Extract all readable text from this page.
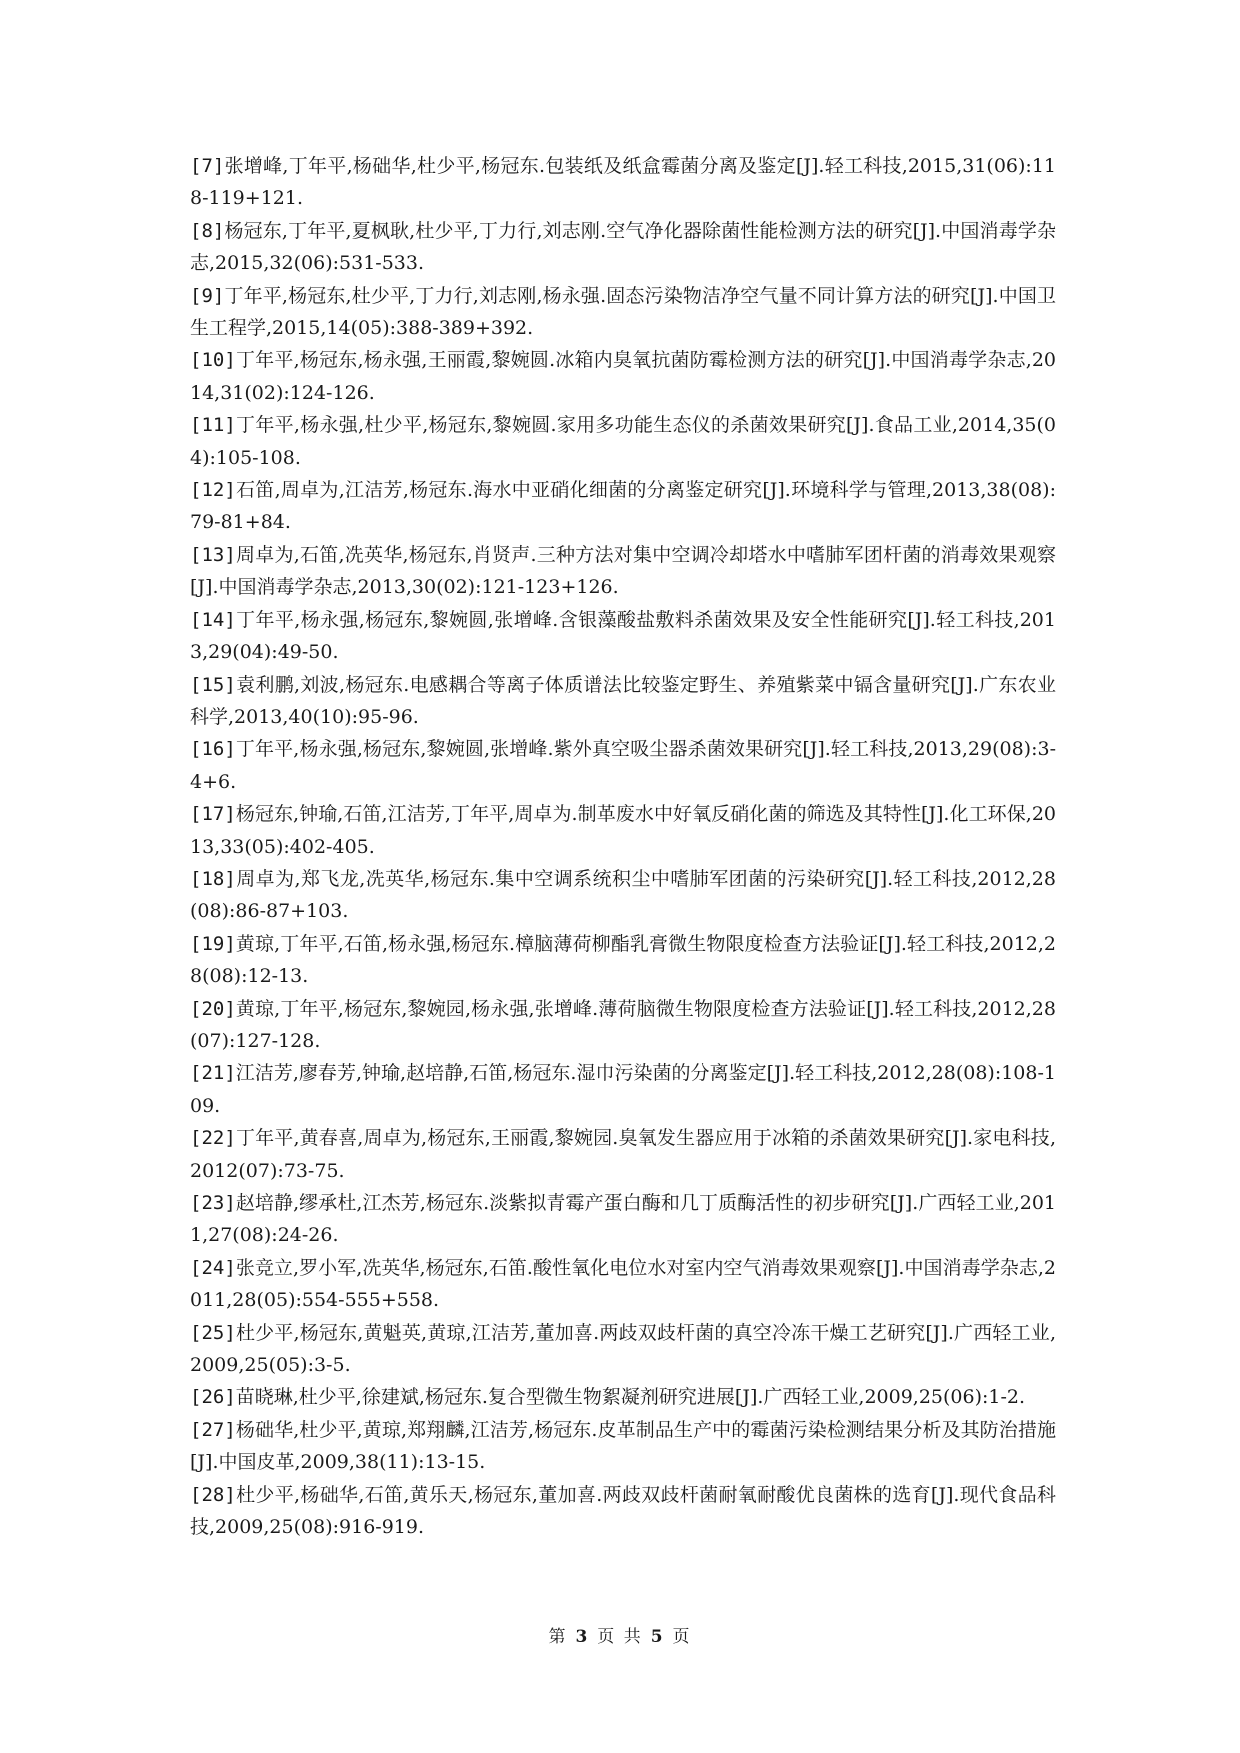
[7]张增峰,丁年平,杨础华,杜少平,杨冠东.包装纸及纸盒霉菌分离及鉴定[J].轻工科技,2015,31(06):118-119+121.
[8]杨冠东,丁年平,夏枫耿,杜少平,丁力行,刘志刚.空气净化器除菌性能检测方法的研究[J].中国消毒学杂志,2015,32(06):531-533.
[9]丁年平,杨冠东,杜少平,丁力行,刘志刚,杨永强.固态污染物洁净空气量不同计算方法的研究[J].中国卫生工程学,2015,14(05):388-389+392.
[10]丁年平,杨冠东,杨永强,王丽霞,黎婉圆.冰箱内臭氧抗菌防霉检测方法的研究[J].中国消毒学杂志,2014,31(02):124-126.
[11]丁年平,杨永强,杜少平,杨冠东,黎婉圆.家用多功能生态仪的杀菌效果研究[J].食品工业,2014,35(04):105-108.
[12]石笛,周卓为,江洁芳,杨冠东.海水中亚硝化细菌的分离鉴定研究[J].环境科学与管理,2013,38(08):79-81+84.
[13]周卓为,石笛,冼英华,杨冠东,肖贤声.三种方法对集中空调冷却塔水中嗜肺军团杆菌的消毒效果观察[J].中国消毒学杂志,2013,30(02):121-123+126.
[14]丁年平,杨永强,杨冠东,黎婉圆,张增峰.含银藻酸盐敷料杀菌效果及安全性能研究[J].轻工科技,2013,29(04):49-50.
[15]袁利鹏,刘波,杨冠东.电感耦合等离子体质谱法比较鉴定野生、养殖紫菜中镉含量研究[J].广东农业科学,2013,40(10):95-96.
[16]丁年平,杨永强,杨冠东,黎婉圆,张增峰.紫外真空吸尘器杀菌效果研究[J].轻工科技,2013,29(08):3-4+6.
[17]杨冠东,钟瑜,石笛,江洁芳,丁年平,周卓为.制革废水中好氧反硝化菌的筛选及其特性[J].化工环保,2013,33(05):402-405.
[18]周卓为,郑飞龙,冼英华,杨冠东.集中空调系统积尘中嗜肺军团菌的污染研究[J].轻工科技,2012,28(08):86-87+103.
[19]黄琼,丁年平,石笛,杨永强,杨冠东.樟脑薄荷柳酯乳膏微生物限度检查方法验证[J].轻工科技,2012,28(08):12-13.
[20]黄琼,丁年平,杨冠东,黎婉园,杨永强,张增峰.薄荷脑微生物限度检查方法验证[J].轻工科技,2012,28(07):127-128.
[21]江洁芳,廖春芳,钟瑜,赵培静,石笛,杨冠东.湿巾污染菌的分离鉴定[J].轻工科技,2012,28(08):108-109.
[22]丁年平,黄春喜,周卓为,杨冠东,王丽霞,黎婉园.臭氧发生器应用于冰箱的杀菌效果研究[J].家电科技,2012(07):73-75.
[23]赵培静,缪承杜,江杰芳,杨冠东.淡紫拟青霉产蛋白酶和几丁质酶活性的初步研究[J].广西轻工业,2011,27(08):24-26.
[24]张竞立,罗小军,冼英华,杨冠东,石笛.酸性氧化电位水对室内空气消毒效果观察[J].中国消毒学杂志,2011,28(05):554-555+558.
[25]杜少平,杨冠东,黄魁英,黄琼,江洁芳,董加喜.两歧双歧杆菌的真空冷冻干燥工艺研究[J].广西轻工业,2009,25(05):3-5.
[26]苗晓琳,杜少平,徐建斌,杨冠东.复合型微生物絮凝剂研究进展[J].广西轻工业,2009,25(06):1-2.
[27]杨础华,杜少平,黄琼,郑翔麟,江洁芳,杨冠东.皮革制品生产中的霉菌污染检测结果分析及其防治措施[J].中国皮革,2009,38(11):13-15.
[28]杜少平,杨础华,石笛,黄乐天,杨冠东,董加喜.两歧双歧杆菌耐氧耐酸优良菌株的选育[J].现代食品科技,2009,25(08):916-919.
第 3 页 共 5 页
